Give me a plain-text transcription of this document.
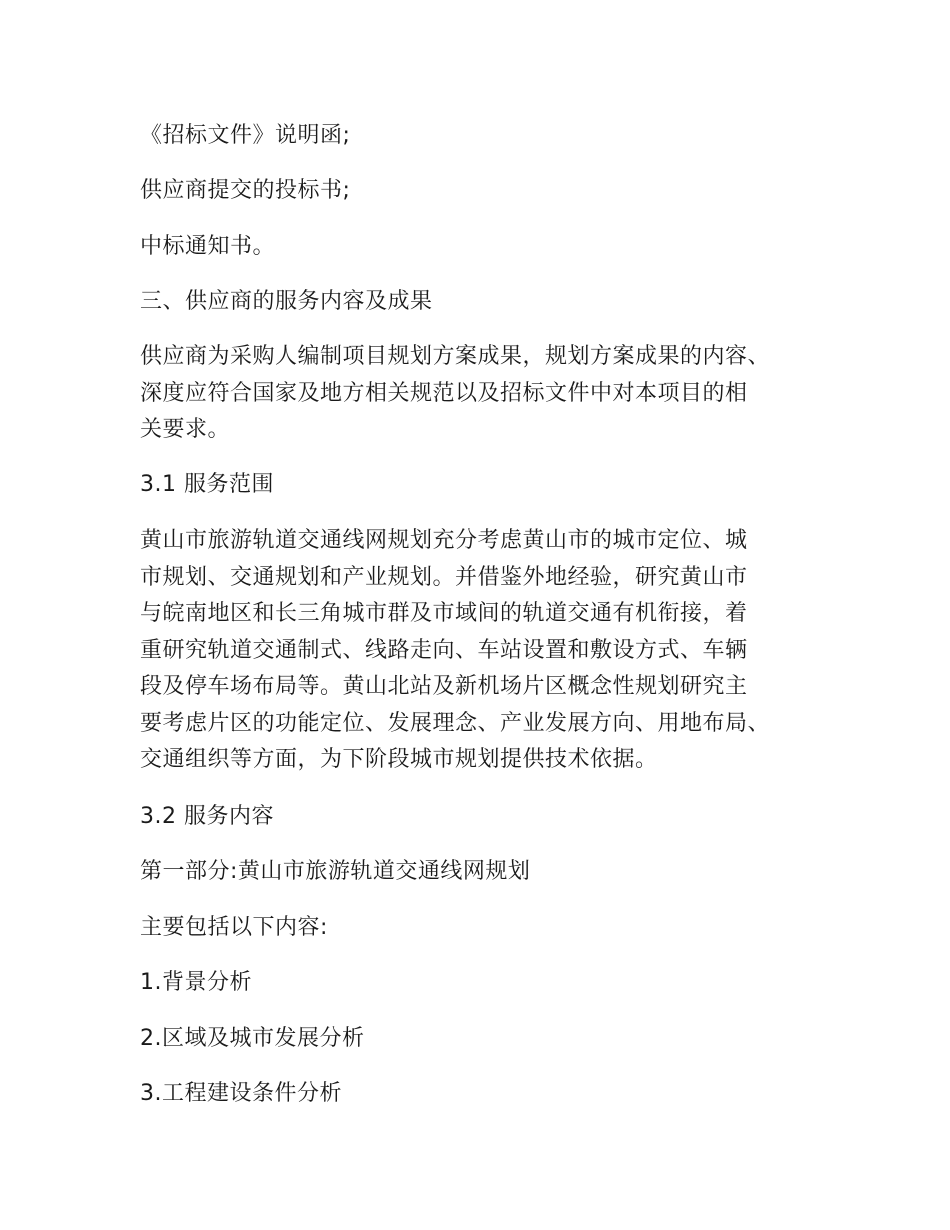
《招标文件》说明函;
供应商提交的投标书;
中标通知书。
三、供应商的服务内容及成果
供应商为采购人编制项目规划方案成果，规划方案成果的内容、
深度应符合国家及地方相关规范以及招标文件中对本项目的相
关要求。
3.1 服务范围
黄山市旅游轨道交通线网规划充分考虑黄山市的城市定位、城
市规划、交通规划和产业规划。并借鉴外地经验，研究黄山市
与皖南地区和长三角城市群及市域间的轨道交通有机衔接，着
重研究轨道交通制式、线路走向、车站设置和敷设方式、车辆
段及停车场布局等。黄山北站及新机场片区概念性规划研究主
要考虑片区的功能定位、发展理念、产业发展方向、用地布局、
交通组织等方面，为下阶段城市规划提供技术依据。
3.2 服务内容
第一部分:黄山市旅游轨道交通线网规划
主要包括以下内容:
1.背景分析
2.区域及城市发展分析
3.工程建设条件分析
